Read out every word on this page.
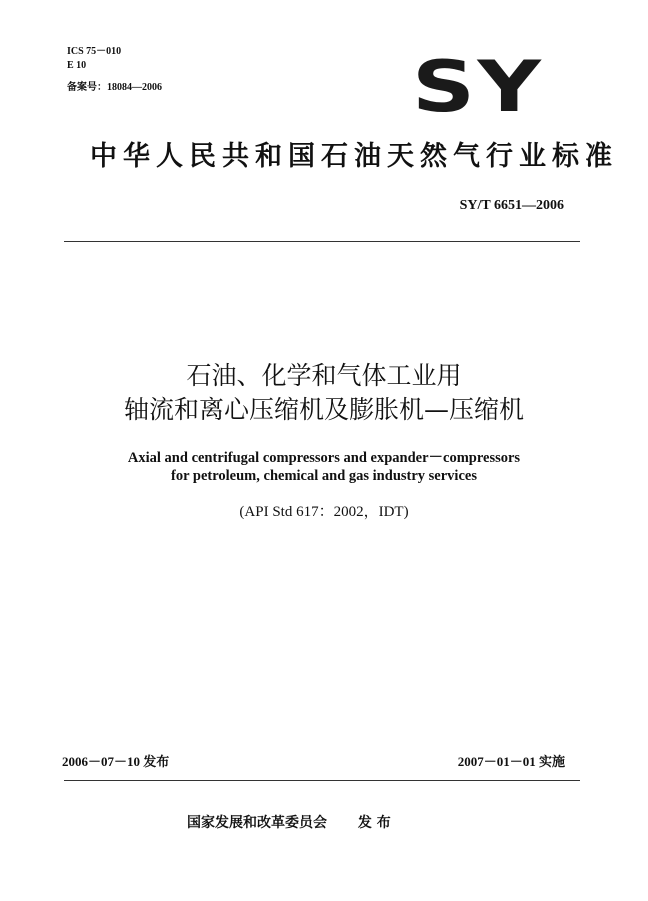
ICS 75－010
E 10
备案号：18084—2006	SY
中华人民共和国石油天然气行业标准
SY/T 6651—2006
石油、化学和气体工业用
轴流和离心压缩机及膨胀机—压缩机
Axial and centrifugal compressors and expander－compressors
for petroleum, chemical and gas industry services
(API Std 617：2002，IDT)
2006－07－10 发布	2007－01－01 实施
国家发展和改革委员会 发 布
